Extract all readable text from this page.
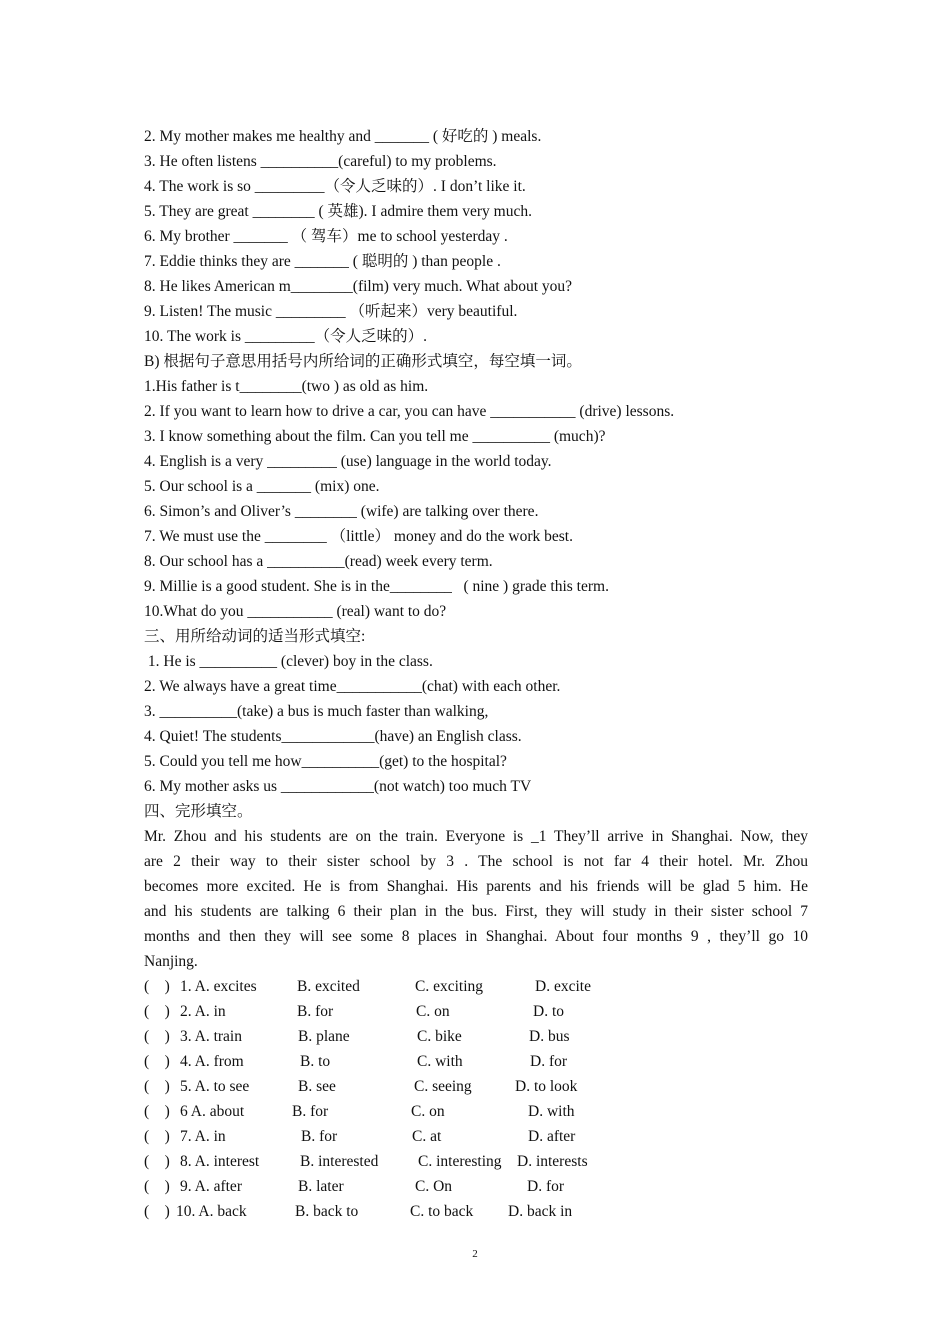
2. My mother makes me healthy and _______ ( 好吃的 ) meals.
3. He often listens __________(careful) to my problems.
4. The work is so _________（令人乏味的）. I don’t like it.
5. They are great ________ ( 英雄). I admire them very much.
6. My brother _______ （ 驾车）me to school yesterday .
7. Eddie thinks they are _______ ( 聪明的 ) than people .
8. He likes American m________(film) very much. What about you?
9. Listen! The music _________ （听起来）very beautiful.
10. The work is _________（令人乏味的）.
B) 根据句子意思用括号内所给词的正确形式填空，每空填一词。
1.His father is t________(two ) as old as him.
2. If you want to learn how to drive a car, you can have ___________ (drive) lessons.
3. I know something about the film. Can you tell me __________ (much)?
4. English is a very _________ (use) language in the world today.
5. Our school is a _______ (mix) one.
6. Simon’s and Oliver’s ________ (wife) are talking over there.
7. We must use the ________ （little） money and do the work best.
8. Our school has a __________(read) week every term.
9. Millie is a good student. She is in the________   ( nine ) grade this term.
10.What do you ___________ (real) want to do?
三、用所给动词的适当形式填空:
1. He is __________ (clever) boy in the class.
2. We always have a great time___________(chat) with each other.
3. __________(take) a bus is much faster than walking,
4. Quiet! The students____________(have) an English class.
5. Could you tell me how__________(get) to the hospital?
6. My mother asks us ____________(not watch) too much TV
四、完形填空。
Mr. Zhou and his students are on the train. Everyone is _1 They’ll arrive in Shanghai. Now, they
are 2 their way to their sister school by 3 . The school is not far 4 their hotel. Mr. Zhou
becomes more excited. He is from Shanghai. His parents and his friends will be glad 5 him. He
and his students are talking 6 their plan in the bus. First, they will study in their sister school 7
months and then they will see some 8 places in Shanghai. About four months 9 , they’ll go 10
Nanjing.
(    ) 1. A. excites	B. excited	C. exciting	D. excite
(    ) 2. A. in	B. for	C. on	D. to
(    ) 3. A. train	B. plane	C. bike	D. bus
(    ) 4. A. from	B. to	C. with	D. for
(    ) 5. A. to see	B. see	C. seeing	D. to look
(    ) 6 A. about	B. for	C. on	D. with
(    ) 7. A. in	B. for	C. at	D. after
(    ) 8. A. interest	B. interested	C. interesting D. interests
(    ) 9. A. after	B. later	C. On	D. for
(    ) 10. A. back	B. back to	C. to back D. back in
2
